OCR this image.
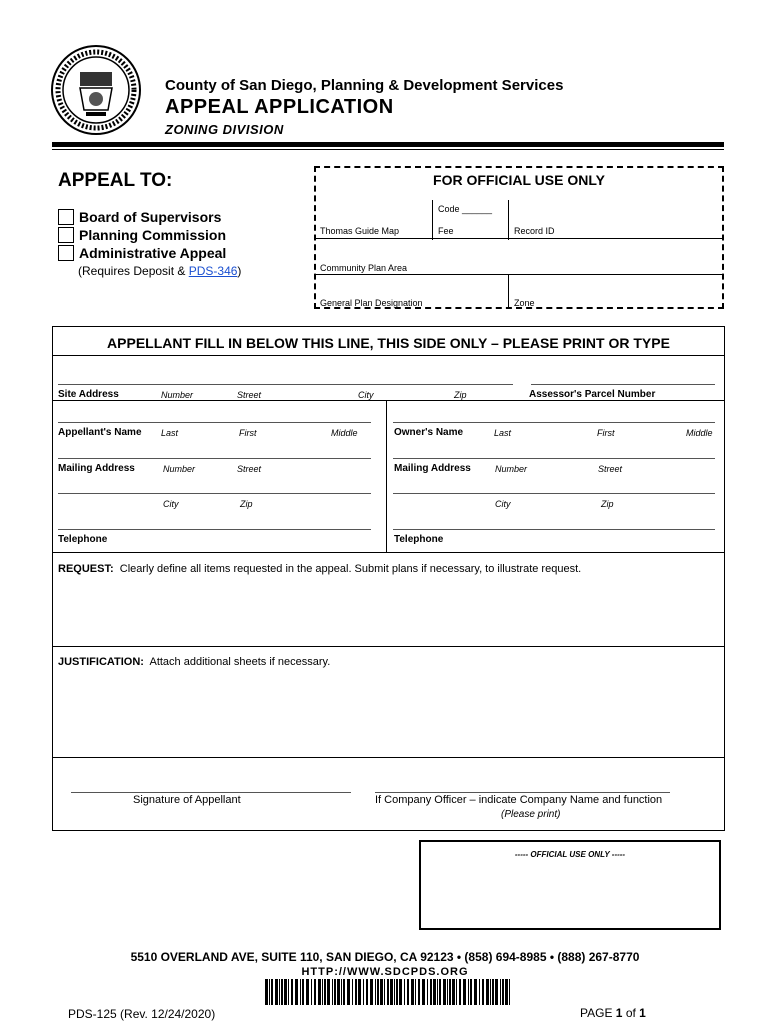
County of San Diego, Planning & Development Services
APPEAL APPLICATION
ZONING DIVISION
APPEAL TO:
Board of Supervisors
Planning Commission
Administrative Appeal
(Requires Deposit & PDS-346)
FOR OFFICIAL USE ONLY
Code ______
Thomas Guide Map	Fee	Record ID
Community Plan Area
General Plan Designation	Zone
APPELLANT FILL IN BELOW THIS LINE, THIS SIDE ONLY – PLEASE PRINT OR TYPE
Site Address	Number	Street	City	Zip	Assessor's Parcel Number
Appellant's Name Last	First	Middle	Owner's Name	Last	First	Middle
Mailing Address	Number	Street	Mailing Address	Number	Street
City	Zip	City	Zip
Telephone	Telephone
REQUEST: Clearly define all items requested in the appeal. Submit plans if necessary, to illustrate request.
JUSTIFICATION: Attach additional sheets if necessary.
Signature of Appellant	If Company Officer – indicate Company Name and function
(Please print)
----- OFFICIAL USE ONLY -----
5510 OVERLAND AVE, SUITE 110, SAN DIEGO, CA 92123 • (858) 694-8985 • (888) 267-8770
HTTP://WWW.SDCPDS.ORG
PDS-125 (Rev. 12/24/2020)	PAGE 1 of 1
